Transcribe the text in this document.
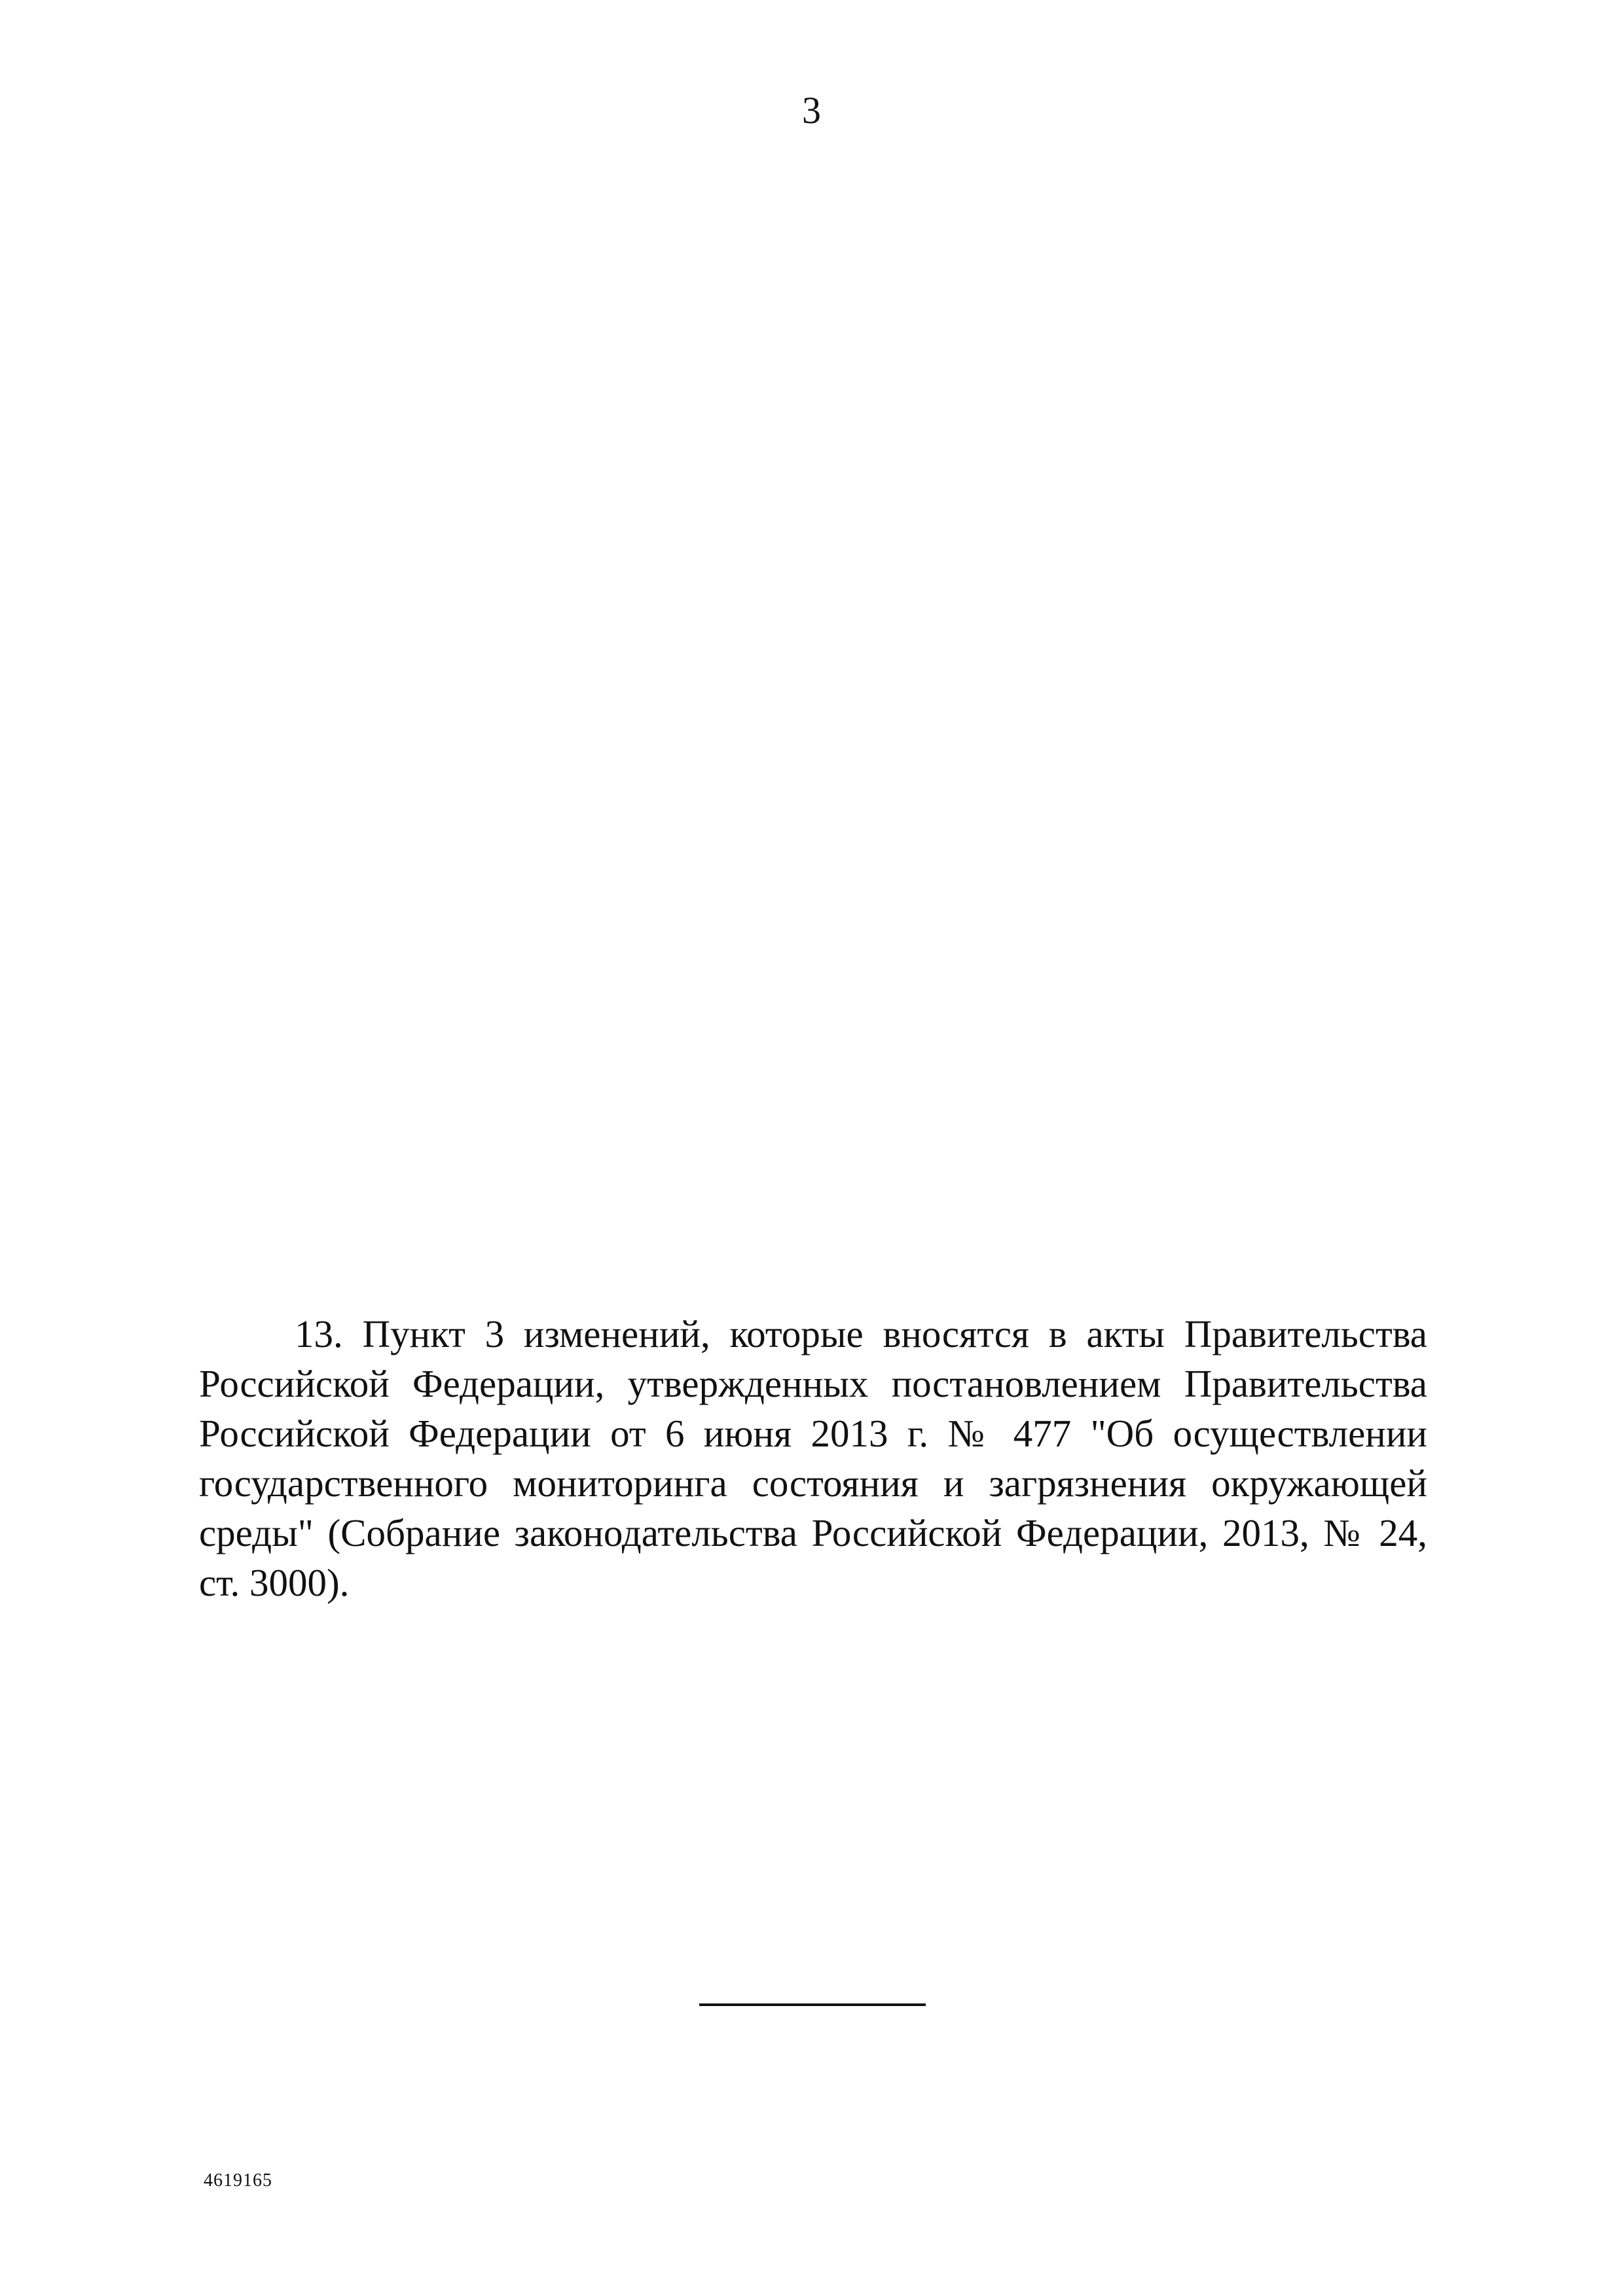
3

13. Пункт 3 изменений, которые вносятся в акты Правительства Российской Федерации, утвержденных постановлением Правительства Российской Федерации от 6 июня 2013 г. № 477 "Об осуществлении государственного мониторинга состояния и загрязнения окружающей среды" (Собрание законодательства Российской Федерации, 2013, № 24, ст. 3000).

4619165
